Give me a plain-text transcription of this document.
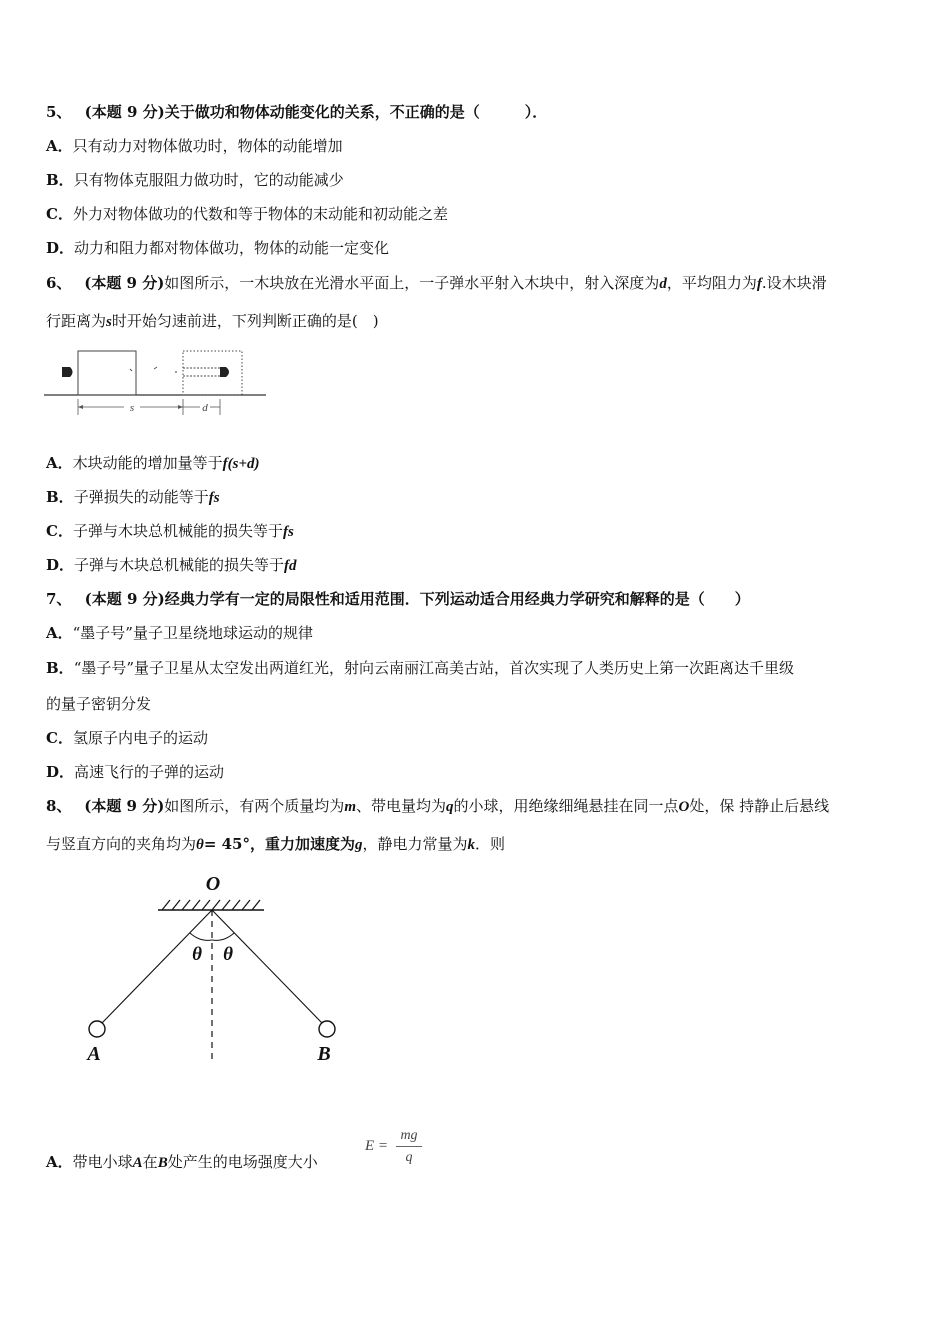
5、 (本题 9 分)关于做功和物体动能变化的关系，不正确的是（　　　）．
A．只有动力对物体做功时，物体的动能增加
B．只有物体克服阻力做功时，它的动能减少
C．外力对物体做功的代数和等于物体的末动能和初动能之差
D．动力和阻力都对物体做功，物体的动能一定变化
6、 (本题 9 分)如图所示，一木块放在光滑水平面上，一子弹水平射入木块中，射入深度为d，平均阻力为f.设木块滑
行距离为s时开始匀速前进，下列判断正确的是(　)
s	d
A．木块动能的增加量等于f(s+d)
B．子弹损失的动能等于fs
C．子弹与木块总机械能的损失等于fs
D．子弹与木块总机械能的损失等于fd
7、 (本题 9 分)经典力学有一定的局限性和适用范围．下列运动适合用经典力学研究和解释的是（　　）
A．“墨子号”量子卫星绕地球运动的规律
B．“墨子号”量子卫星从太空发出两道红光，射向云南丽江高美古站，首次实现了人类历史上第一次距离达千里级
的量子密钥分发
C．氢原子内电子的运动
D．高速飞行的子弹的运动
8、 (本题 9 分)如图所示，有两个质量均为m、带电量均为q的小球，用绝缘细绳悬挂在同一点O处，保 持静止后悬线
与竖直方向的夹角均为θ= 45°，重力加速度为g，静电力常量为k．则
O
θ θ
A	B
A．带电小球A在B处产生的电场强度大小
E =
mg
q
